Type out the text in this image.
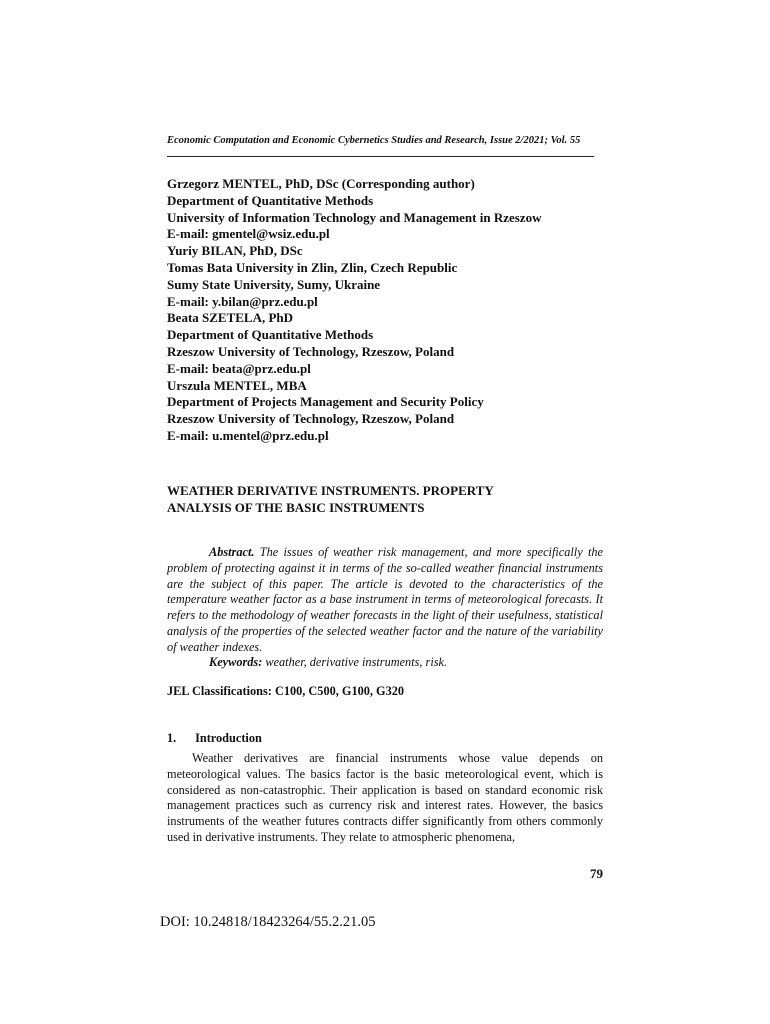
Economic Computation and Economic Cybernetics Studies and Research, Issue 2/2021; Vol. 55
Grzegorz MENTEL, PhD, DSc (Corresponding author)
Department of Quantitative Methods
University of Information Technology and Management in Rzeszow
E-mail: gmentel@wsiz.edu.pl
Yuriy BILAN, PhD, DSc
Tomas Bata University in Zlin, Zlin, Czech Republic
Sumy State University, Sumy, Ukraine
E-mail: y.bilan@prz.edu.pl
Beata SZETELA, PhD
Department of Quantitative Methods
Rzeszow University of Technology, Rzeszow, Poland
E-mail: beata@prz.edu.pl
Urszula MENTEL, MBA
Department of Projects Management and Security Policy
Rzeszow University of Technology, Rzeszow, Poland
E-mail: u.mentel@prz.edu.pl
WEATHER DERIVATIVE INSTRUMENTS. PROPERTY
ANALYSIS OF THE BASIC INSTRUMENTS
Abstract. The issues of weather risk management, and more specifically the problem of protecting against it in terms of the so-called weather financial instruments are the subject of this paper. The article is devoted to the characteristics of the temperature weather factor as a base instrument in terms of meteorological forecasts. It refers to the methodology of weather forecasts in the light of their usefulness, statistical analysis of the properties of the selected weather factor and the nature of the variability of weather indexes.
Keywords: weather, derivative instruments, risk.
JEL Classifications: C100, C500, G100, G320
1. Introduction
Weather derivatives are financial instruments whose value depends on meteorological values. The basics factor is the basic meteorological event, which is considered as non-catastrophic. Their application is based on standard economic risk management practices such as currency risk and interest rates. However, the basics instruments of the weather futures contracts differ significantly from others commonly used in derivative instruments. They relate to atmospheric phenomena,
79
DOI: 10.24818/18423264/55.2.21.05
